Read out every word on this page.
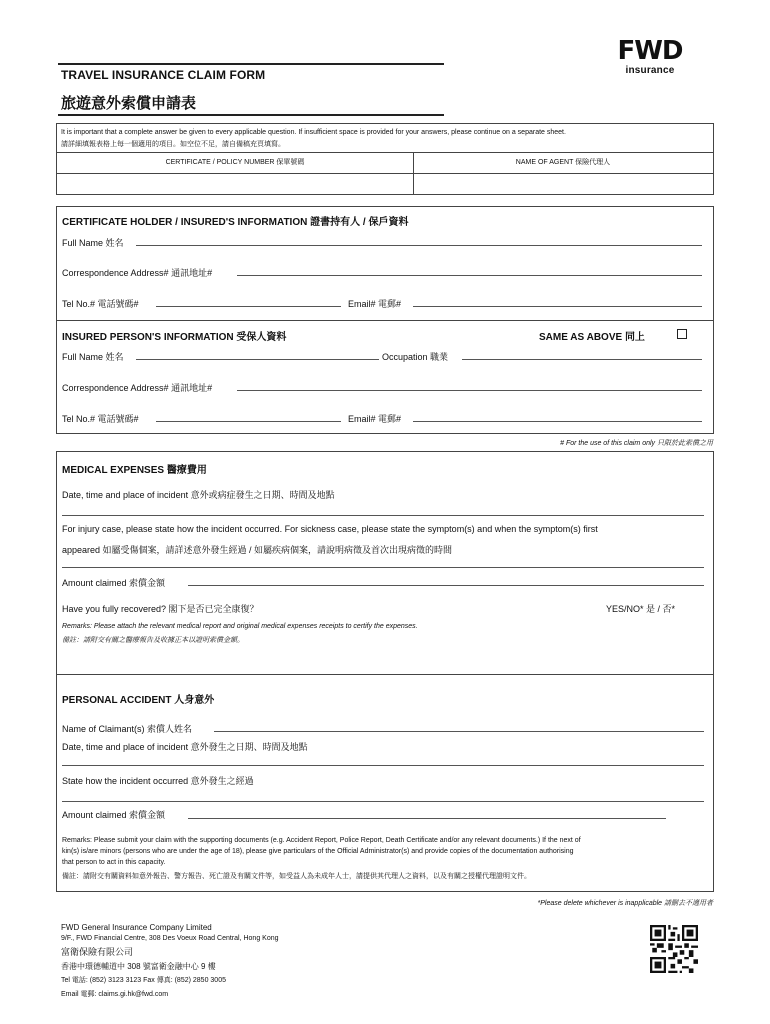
FWD
insurance
TRAVEL INSURANCE CLAIM FORM
旅遊意外索償申請表
It is important that a complete answer be given to every applicable question. If insufficient space is provided for your answers, please continue on a separate sheet.
請詳細填報表格上每一個適用的項目。如空位不足，請自備稿充頁填寫。
CERTIFICATE / POLICY NUMBER 保單號碼	NAME OF AGENT 保險代理人
CERTIFICATE HOLDER / INSURED'S INFORMATION 證書持有人 / 保戶資料
Full Name 姓名
Correspondence Address# 通訊地址#
Tel No.# 電話號碼#	Email# 電郵#
INSURED PERSON'S INFORMATION 受保人資料	SAME AS ABOVE 同上
Full Name 姓名	Occupation 職業
Correspondence Address# 通訊地址#
Tel No.# 電話號碼#	Email# 電郵#
# For the use of this claim only 只限於此索償之用
MEDICAL EXPENSES 醫療費用
Date, time and place of incident 意外或病症發生之日期、時間及地點
For injury case, please state how the incident occurred. For sickness case, please state the symptom(s) and when the symptom(s) first
appeared 如屬受傷個案，請詳述意外發生經過 / 如屬疾病個案，請說明病徵及首次出現病徵的時間
Amount claimed 索償金額
Have you fully recovered? 閣下是否已完全康復？	YES/NO* 是 / 否*
Remarks: Please attach the relevant medical report and original medical expenses receipts to certify the expenses.
備註：請附交有關之醫療報告及收據正本以證明索償金額。
PERSONAL ACCIDENT 人身意外
Name of Claimant(s) 索償人姓名
Date, time and place of incident 意外發生之日期、時間及地點
State how the incident occurred 意外發生之經過
Amount claimed 索償金額
Remarks: Please submit your claim with the supporting documents (e.g. Accident Report, Police Report, Death Certificate and/or any relevant documents.) If the next of
kin(s) is/are minors (persons who are under the age of 18), please give particulars of the Official Administrator(s) and provide copies of the documentation authorising
that person to act in this capacity.
備註：請附交有關資料如意外報告、警方報告、死亡證及有關文件等，如受益人為未成年人士，請提供其代理人之資料，以及有關之授權代理證明文件。
*Please delete whichever is inapplicable 請刪去不適用者
FWD General Insurance Company Limited
9/F., FWD Financial Centre, 308 Des Voeux Road Central, Hong Kong
富衛保險有限公司
香港中環德輔道中 308 號富衛金融中心 9 樓
Tel 電話: (852) 3123 3123 Fax 傳真: (852) 2850 3005
Email 電郵: claims.gi.hk@fwd.com
